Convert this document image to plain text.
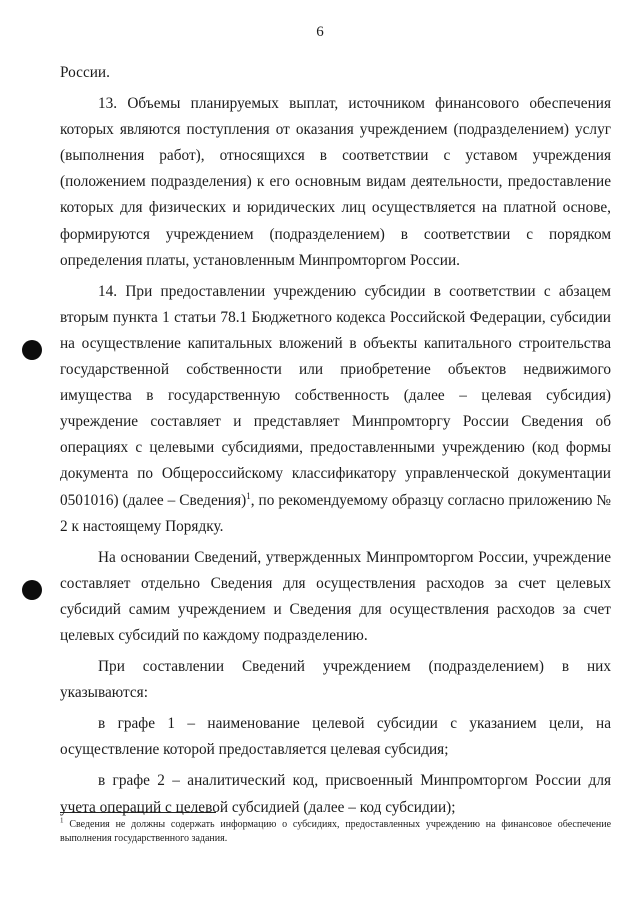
6

России.

13. Объемы планируемых выплат, источником финансового обеспечения которых являются поступления от оказания учреждением (подразделением) услуг (выполнения работ), относящихся в соответствии с уставом учреждения (положением подразделения) к его основным видам деятельности, предоставление которых для физических и юридических лиц осуществляется на платной основе, формируются учреждением (подразделением) в соответствии с порядком определения платы, установленным Минпромторгом России.

14. При предоставлении учреждению субсидии в соответствии с абзацем вторым пункта 1 статьи 78.1 Бюджетного кодекса Российской Федерации, субсидии на осуществление капитальных вложений в объекты капитального строительства государственной собственности или приобретение объектов недвижимого имущества в государственную собственность (далее – целевая субсидия) учреждение составляет и представляет Минпромторгу России Сведения об операциях с целевыми субсидиями, предоставленными учреждению (код формы документа по Общероссийскому классификатору управленческой документации 0501016) (далее – Сведения)$^1$, по рекомендуемому образцу согласно приложению № 2 к настоящему Порядку.

На основании Сведений, утвержденных Минпромторгом России, учреждение составляет отдельно Сведения для осуществления расходов за счет целевых субсидий самим учреждением и Сведения для осуществления расходов за счет целевых субсидий по каждому подразделению.

При составлении Сведений учреждением (подразделением) в них указываются:

в графе 1 – наименование целевой субсидии с указанием цели, на осуществление которой предоставляется целевая субсидия;

в графе 2 – аналитический код, присвоенный Минпромторгом России для учета операций с целевой субсидией (далее – код субсидии);

$^1$ Сведения не должны содержать информацию о субсидиях, предоставленных учреждению на финансовое обеспечение выполнения государственного задания.
